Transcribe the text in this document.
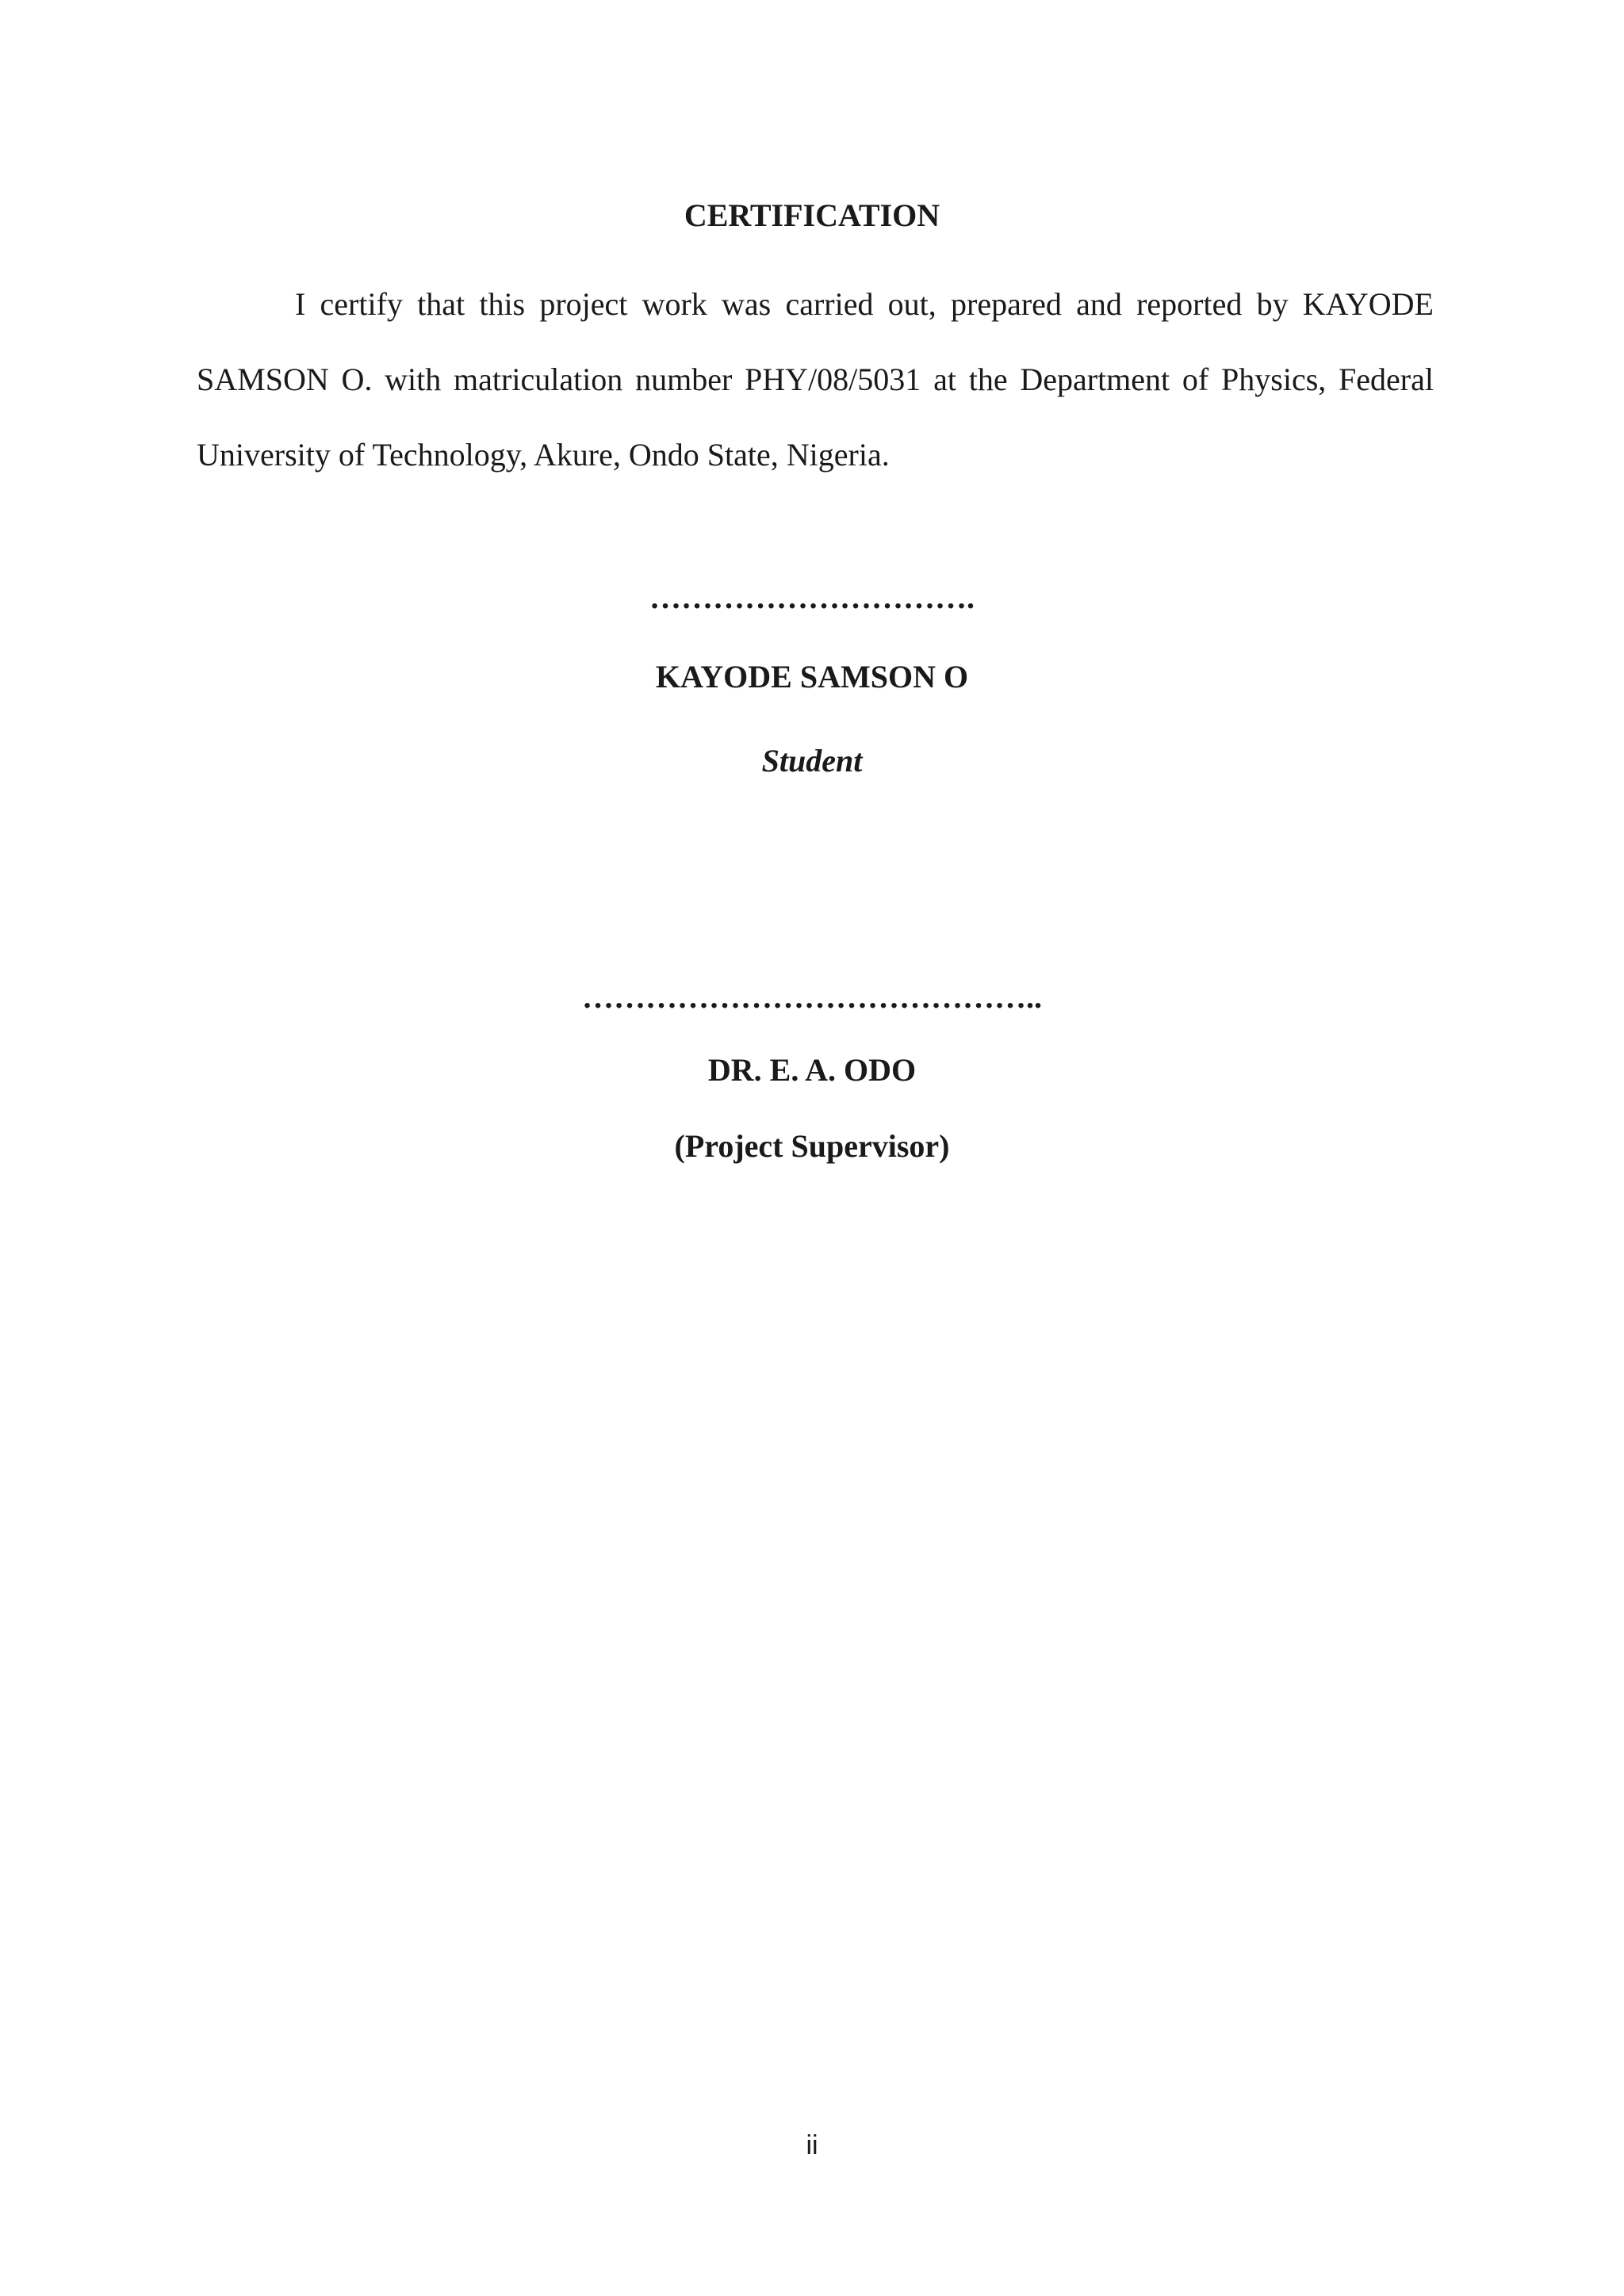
CERTIFICATION

I certify that this project work was carried out, prepared and reported by KAYODE SAMSON O. with matriculation number PHY/08/5031 at the Department of Physics, Federal University of Technology, Akure, Ondo State, Nigeria.

………………………….
KAYODE SAMSON O
Student
……………………………………..
DR. E. A. ODO
(Project Supervisor)
ii
